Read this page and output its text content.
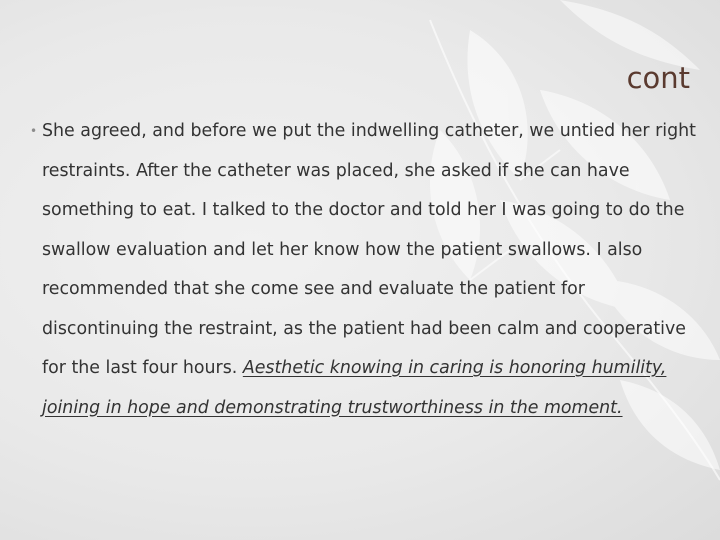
cont
• She agreed, and before we put the indwelling catheter, we untied her right restraints. After the catheter was placed, she asked if she can have something to eat. I talked to the doctor and told her I was going to do the swallow evaluation and let her know how the patient swallows. I also recommended that she come see and evaluate the patient for discontinuing the restraint, as the patient had been calm and cooperative for the last four hours. Aesthetic knowing in caring is honoring humility, joining in hope and demonstrating trustworthiness in the moment.
